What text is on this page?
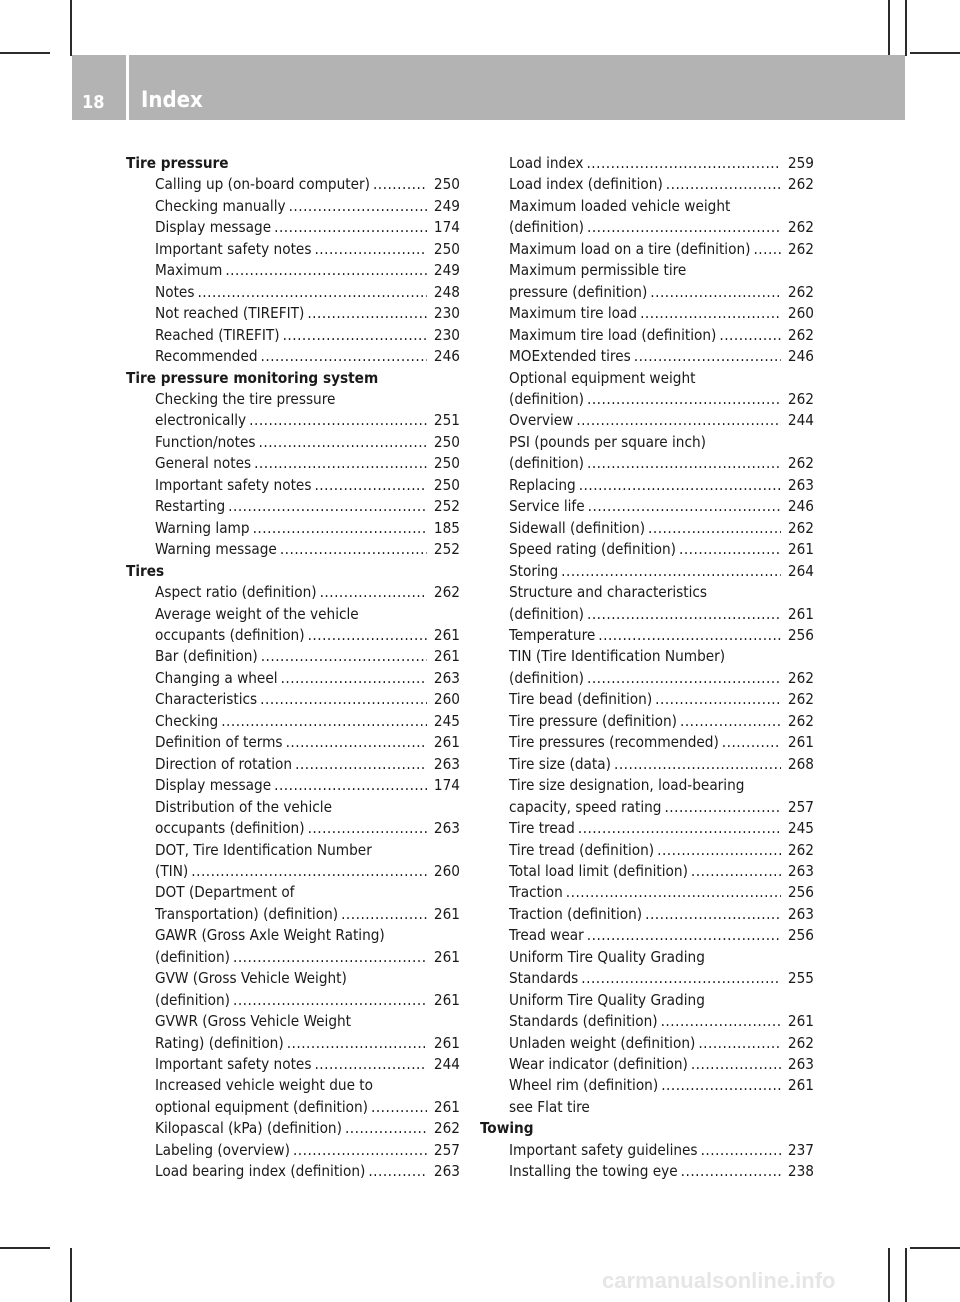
18	Index
Tire pressure
Calling up (on-board computer) .....	250
Checking manually .....	249
Display message .....	174
Important safety notes .....	250
Maximum .....	249
Notes .....	248
Not reached (TIREFIT) .....	230
Reached (TIREFIT) .....	230
Recommended .....	246
Tire pressure monitoring system
Checking the tire pressure
electronically .....	251
Function/notes .....	250
General notes .....	250
Important safety notes .....	250
Restarting .....	252
Warning lamp .....	185
Warning message .....	252
Tires
Aspect ratio (definition) .....	262
Average weight of the vehicle
occupants (definition) .....	261
Bar (definition) .....	261
Changing a wheel .....	263
Characteristics .....	260
Checking .....	245
Definition of terms .....	261
Direction of rotation .....	263
Display message .....	174
Distribution of the vehicle
occupants (definition) .....	263
DOT, Tire Identification Number
(TIN) .....	260
DOT (Department of
Transportation) (definition) .....	261
GAWR (Gross Axle Weight Rating)
(definition) .....	261
GVW (Gross Vehicle Weight)
(definition) .....	261
GVWR (Gross Vehicle Weight
Rating) (definition) .....	261
Important safety notes .....	244
Increased vehicle weight due to
optional equipment (definition) .....	261
Kilopascal (kPa) (definition) .....	262
Labeling (overview) .....	257
Load bearing index (definition) .....	263
Load index .....	259
Load index (definition) .....	262
Maximum loaded vehicle weight
(definition) .....	262
Maximum load on a tire (definition) ..... 262
Maximum permissible tire
pressure (definition) .....	262
Maximum tire load .....	260
Maximum tire load (definition) .....	262
MOExtended tires .....	246
Optional equipment weight
(definition) .....	262
Overview .....	244
PSI (pounds per square inch)
(definition) .....	262
Replacing .....	263
Service life .....	246
Sidewall (definition) .....	262
Speed rating (definition) .....	261
Storing .....	264
Structure and characteristics
(definition) .....	261
Temperature .....	256
TIN (Tire Identification Number)
(definition) .....	262
Tire bead (definition) .....	262
Tire pressure (definition) .....	262
Tire pressures (recommended) .....	261
Tire size (data) .....	268
Tire size designation, load-bearing
capacity, speed rating .....	257
Tire tread .....	245
Tire tread (definition) .....	262
Total load limit (definition) .....	263
Traction .....	256
Traction (definition) .....	263
Tread wear .....	256
Uniform Tire Quality Grading
Standards .....	255
Uniform Tire Quality Grading
Standards (definition) .....	261
Unladen weight (definition) .....	262
Wear indicator (definition) .....	263
Wheel rim (definition) .....	261
see Flat tire
Towing
Important safety guidelines .....	237
Installing the towing eye .....	238
carmanualsonline.info
